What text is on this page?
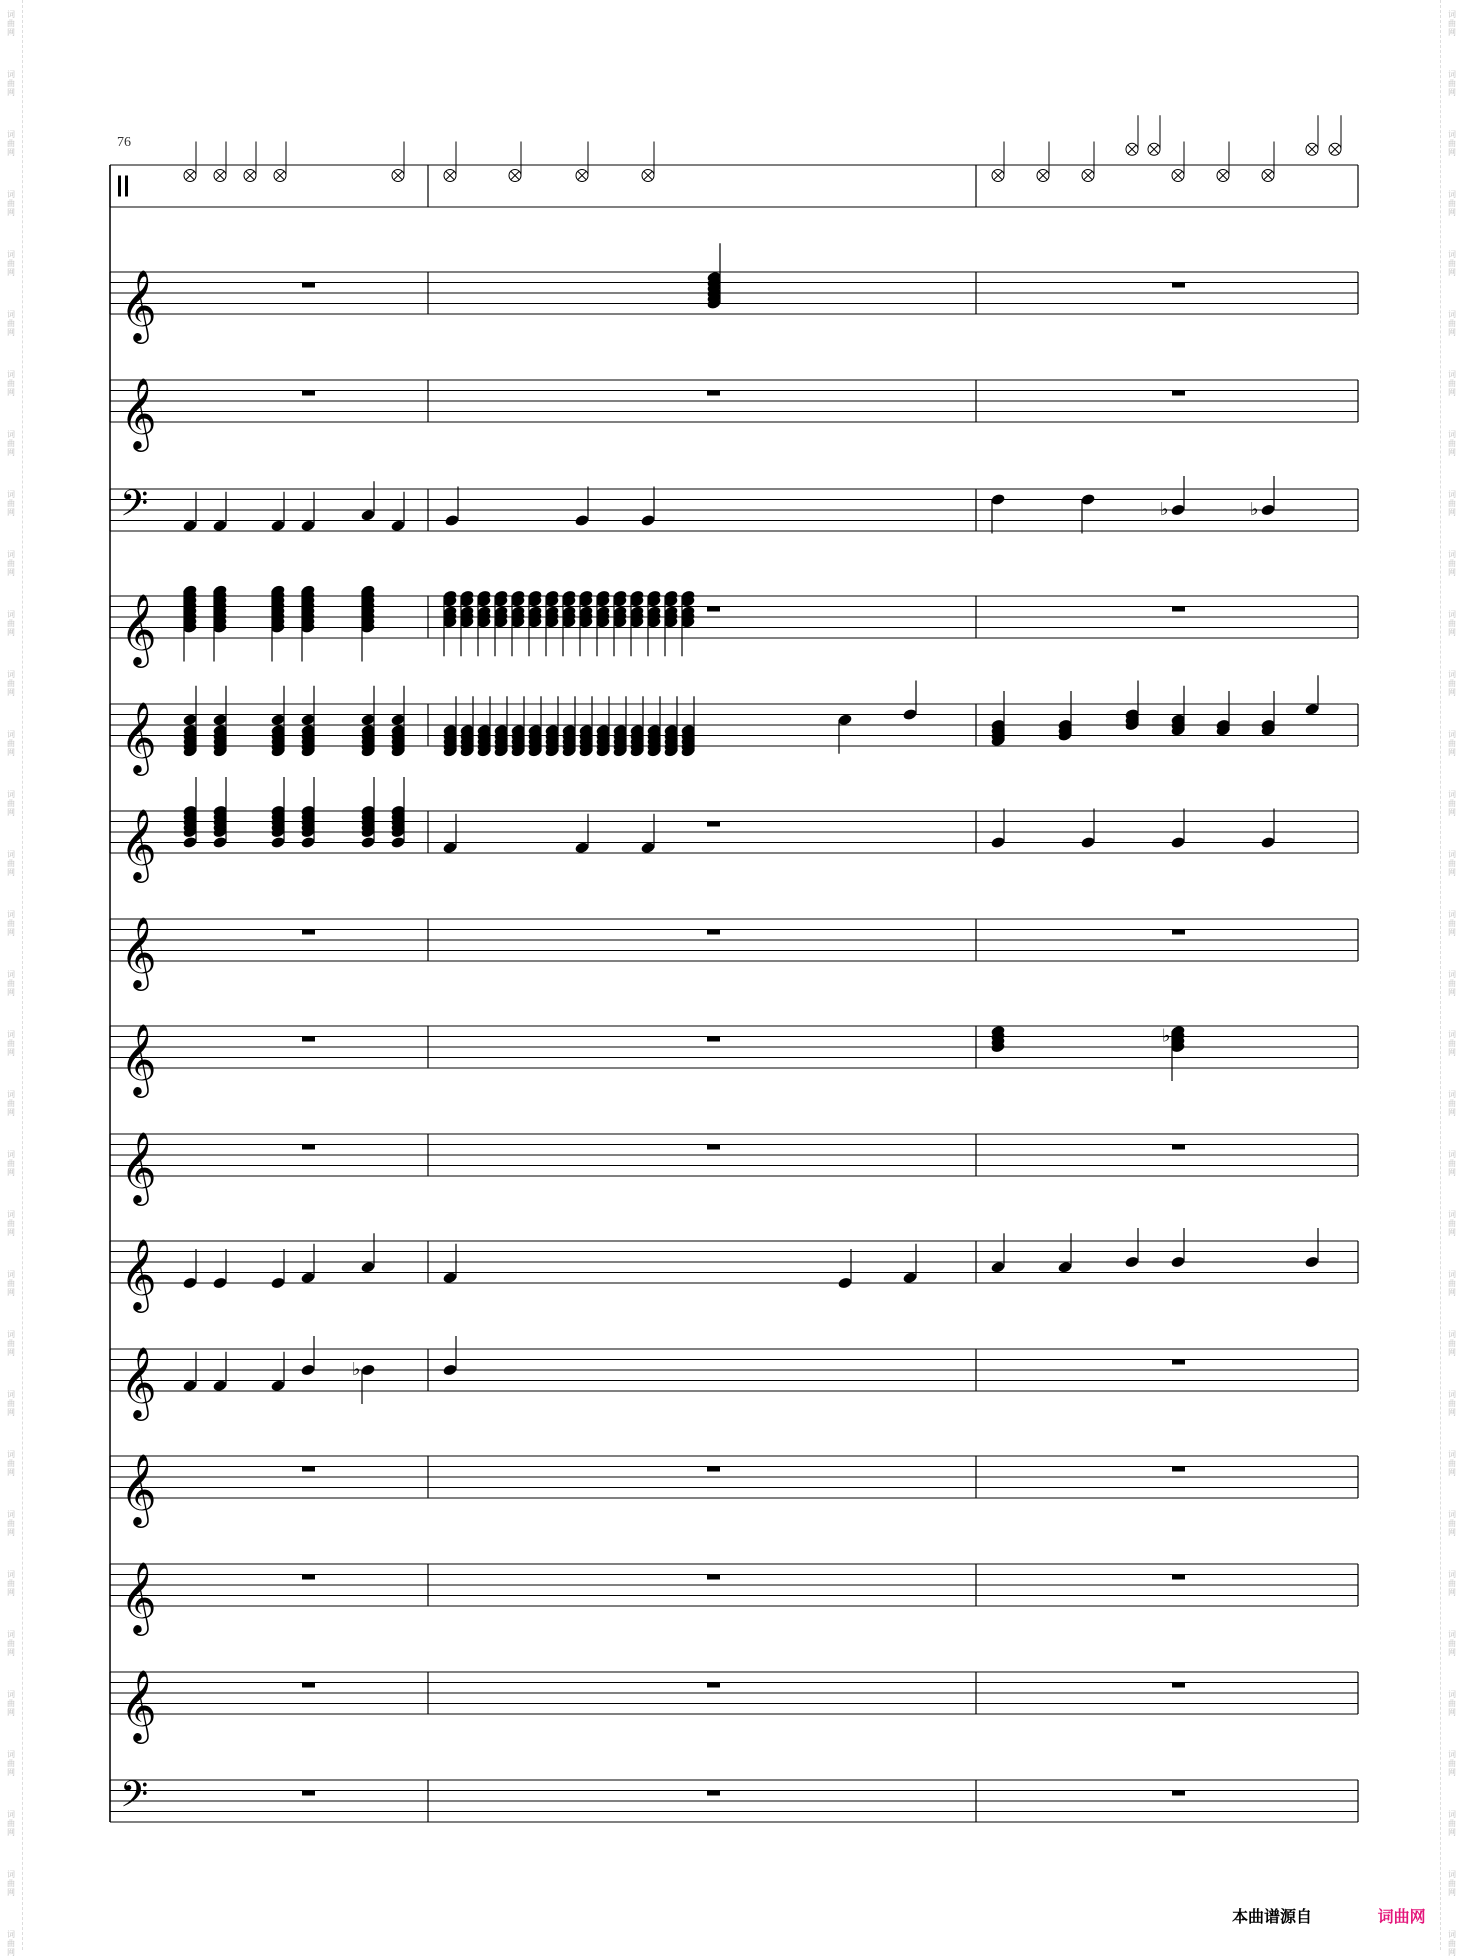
词
曲
网
词
曲
网
词
曲
网
词
曲
网
词
曲
网
词
曲
网
词
曲
网
词
曲
网
词
曲
网
词
曲
网
词
曲
网
词
曲
网
词
曲
网
词
曲
网
词
曲
网
词
曲
网
词
曲
网
词
曲
网
词
曲
网
词
曲
网
词
曲
网
词
曲
网
词
曲
网
词
曲
网
词
曲
网
词
曲
网
词
曲
网
词
曲
网
词
曲
网
词
曲
网
词
曲
网
词
曲
网
词
曲
网
词
曲
网
词
曲
网
词
曲
网
词
曲
网
词
曲
网
词
曲
网
词
曲
网
词
曲
网
词
曲
网
词
曲
网
词
曲
网
词
曲
网
词
曲
网
词
曲
网
词
曲
网
词
曲
网
词
曲
网
词
曲
网
词
曲
网
词
曲
网
词
曲
网
词
曲
网
词
曲
网
词
曲
网
词
曲
网
词
曲
网
词
曲
网
词
曲
网
词
曲
网
词
曲
网
词
曲
网
词
曲
网
词
曲
网
𝄞
𝄞
𝄢
𝄞
𝄞
𝄞
𝄞
𝄞
𝄞
𝄞
𝄞
𝄞
𝄞
𝄞
𝄢
♭	♭
♭
♭
76
本曲谱源自	词曲网
